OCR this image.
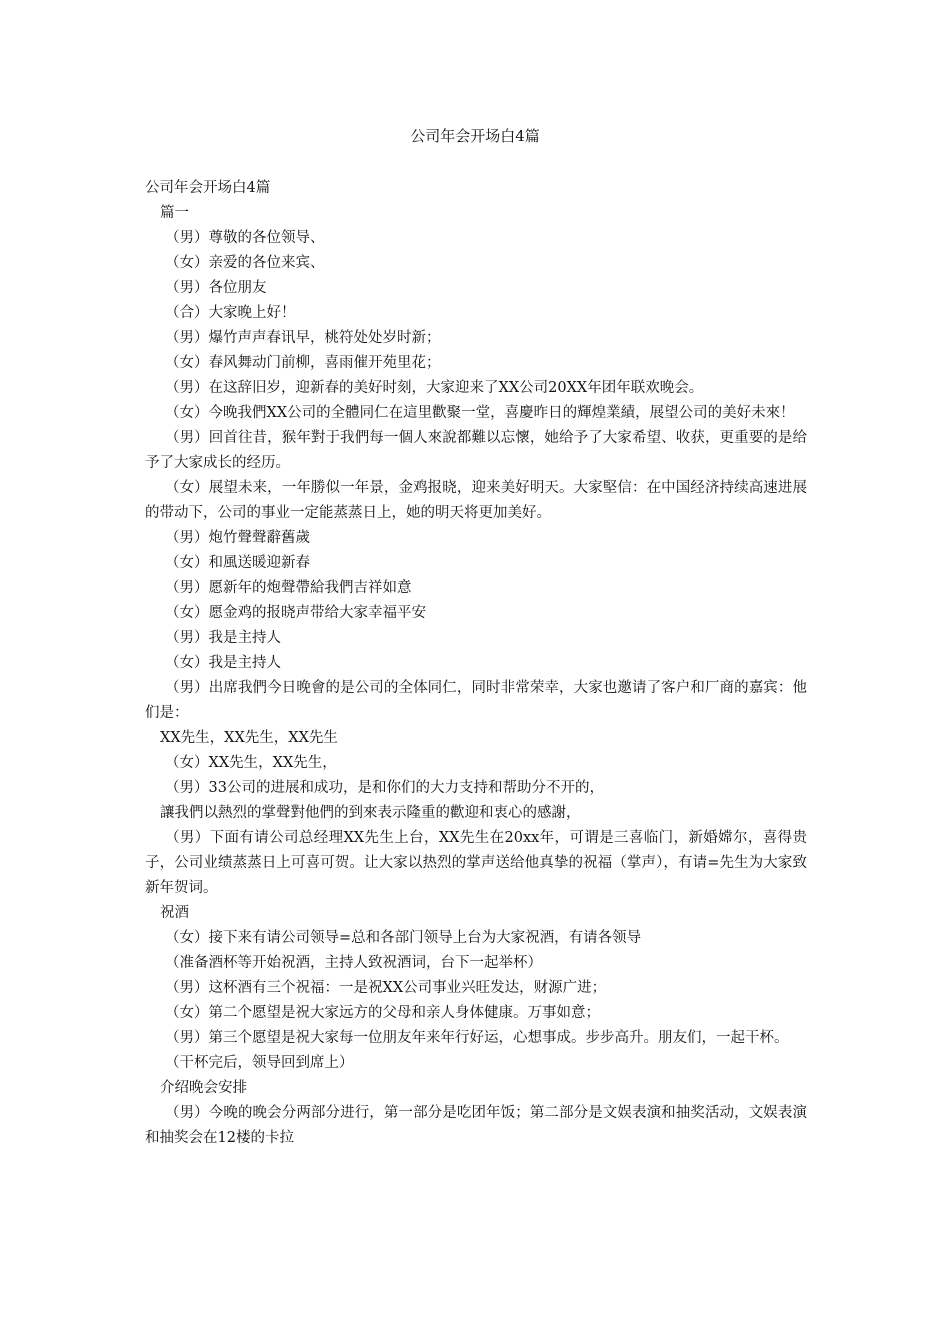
公司年会开场白4篇

公司年会开场白4篇

篇一

（男）尊敬的各位领导、

（女）亲爱的各位来宾、

（男）各位朋友

（合）大家晚上好！

（男）爆竹声声春讯早，桃符处处岁时新；

（女）春风舞动门前柳，喜雨催开苑里花；

（男）在这辞旧岁，迎新春的美好时刻，大家迎来了XX公司20XX年团年联欢晚会。

（女）今晚我們XX公司的全體同仁在這里歡聚一堂，喜慶昨日的輝煌業績，展望公司的美好未來！

（男）回首往昔，猴年對于我們每一個人來說都難以忘懷，她给予了大家希望、收获，更重要的是给予了大家成长的经历。

（女）展望未来，一年勝似一年景，金鸡报晓，迎来美好明天。大家堅信：在中国经济持续高速进展的带动下，公司的事业一定能蒸蒸日上，她的明天将更加美好。

（男）炮竹聲聲辭舊歲

（女）和風送暖迎新春

（男）愿新年的炮聲帶給我們吉祥如意

（女）愿金鸡的报晓声带给大家幸福平安

（男）我是主持人

（女）我是主持人

（男）出席我們今日晚會的是公司的全体同仁，同时非常荣幸，大家也邀请了客户和厂商的嘉宾：他们是：

XX先生，XX先生，XX先生

（女）XX先生，XX先生，

（男）33公司的进展和成功，是和你们的大力支持和帮助分不开的，

讓我們以熱烈的掌聲對他們的到來表示隆重的歡迎和衷心的感謝，

（男）下面有请公司总经理XX先生上台，XX先生在20xx年，可谓是三喜临门，新婚嫦尔，喜得贵子，公司业绩蒸蒸日上可喜可贺。让大家以热烈的掌声送给他真挚的祝福（掌声），有请=先生为大家致新年贺词。

祝酒

（女）接下来有请公司领导=总和各部门领导上台为大家祝酒，有请各领导

（准备酒杯等开始祝酒，主持人致祝酒词，台下一起举杯）

（男）这杯酒有三个祝福：一是祝XX公司事业兴旺发达，财源广进；

（女）第二个愿望是祝大家远方的父母和亲人身体健康。万事如意；

（男）第三个愿望是祝大家每一位朋友年来年行好运，心想事成。步步高升。朋友们，一起干杯。

（干杯完后，领导回到席上）

介绍晚会安排

（男）今晚的晚会分两部分进行，第一部分是吃团年饭；第二部分是文娱表演和抽奖活动，文娱表演和抽奖会在12楼的卡拉
